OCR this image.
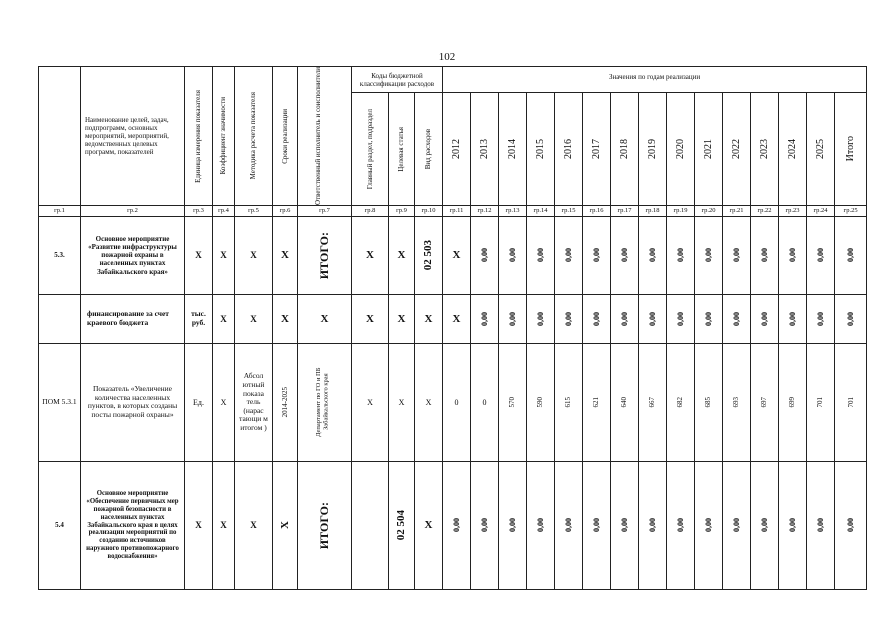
102
	Наименование целей, задач, подпрограмм, основных мероприятий, мероприятий, ведомственных целевых программ, показателей	Единица измерения показателя	Коэффициент значимости	Методика расчета показателя	Сроки реализации	Ответственный исполнитель и соисполнители	Коды бюджетной классификации расходов			Значения по годам реализации														

							Главный раздел, подраздел	Целевая статья	Вид расходов	2012	2013	2014	2015	2016	2017	2018	2019	2020	2021	2022	2023	2024	2025	Итого

гр.1	гр.2	гр.3	гр.4	гр.5	гр.6	гр.7	гр.8	гр.9	гр.10	гр.11	гр.12	гр.13	гр.14	гр.15	гр.16	гр.17	гр.18	гр.19	гр.20	гр.21	гр.22	гр.23	гр.24	гр.25
5.3.	Основное мероприятие «Развитие инфраструктуры пожарной охраны в населенных пунктах Забайкальского края»	Х	Х	Х	Х	ИТОГО:	Х	Х	02 503	Х	0,00	0,00	0,00	0,00	0,00	0,00	0,00	0,00	0,00	0,00	0,00	0,00	0,00	0,00

	финансирование за счет краевого бюджета	тыс. руб.	Х	Х	Х	Х	Х	Х	Х	Х	0,00	0,00	0,00	0,00	0,00	0,00	0,00	0,00	0,00	0,00	0,00	0,00	0,00	0,00

ПОМ 5.3.1	Показатель «Увеличение количества населенных пунктов, в которых созданы посты пожарной охраны»	Ед.	Х	Абсол ютный показа тель (нарас тающи м итогом )	2014-2025	Департамент по ГО и ПБ Забайкальского края	Х	Х	Х	0	0	570	590	615	621	640	667	682	685	693	697	699	701	701

5.4	Основное мероприятие «Обеспечение первичных мер пожарной безопасности в населенных пунктах Забайкальского края в целях реализации мероприятий по созданию источников наружного противопожарного водоснабжения»	Х	Х	Х	Х	ИТОГО:		02 504	Х	0,00	0,00	0,00	0,00	0,00	0,00	0,00	0,00	0,00	0,00	0,00	0,00	0,00	0,00	0,00
